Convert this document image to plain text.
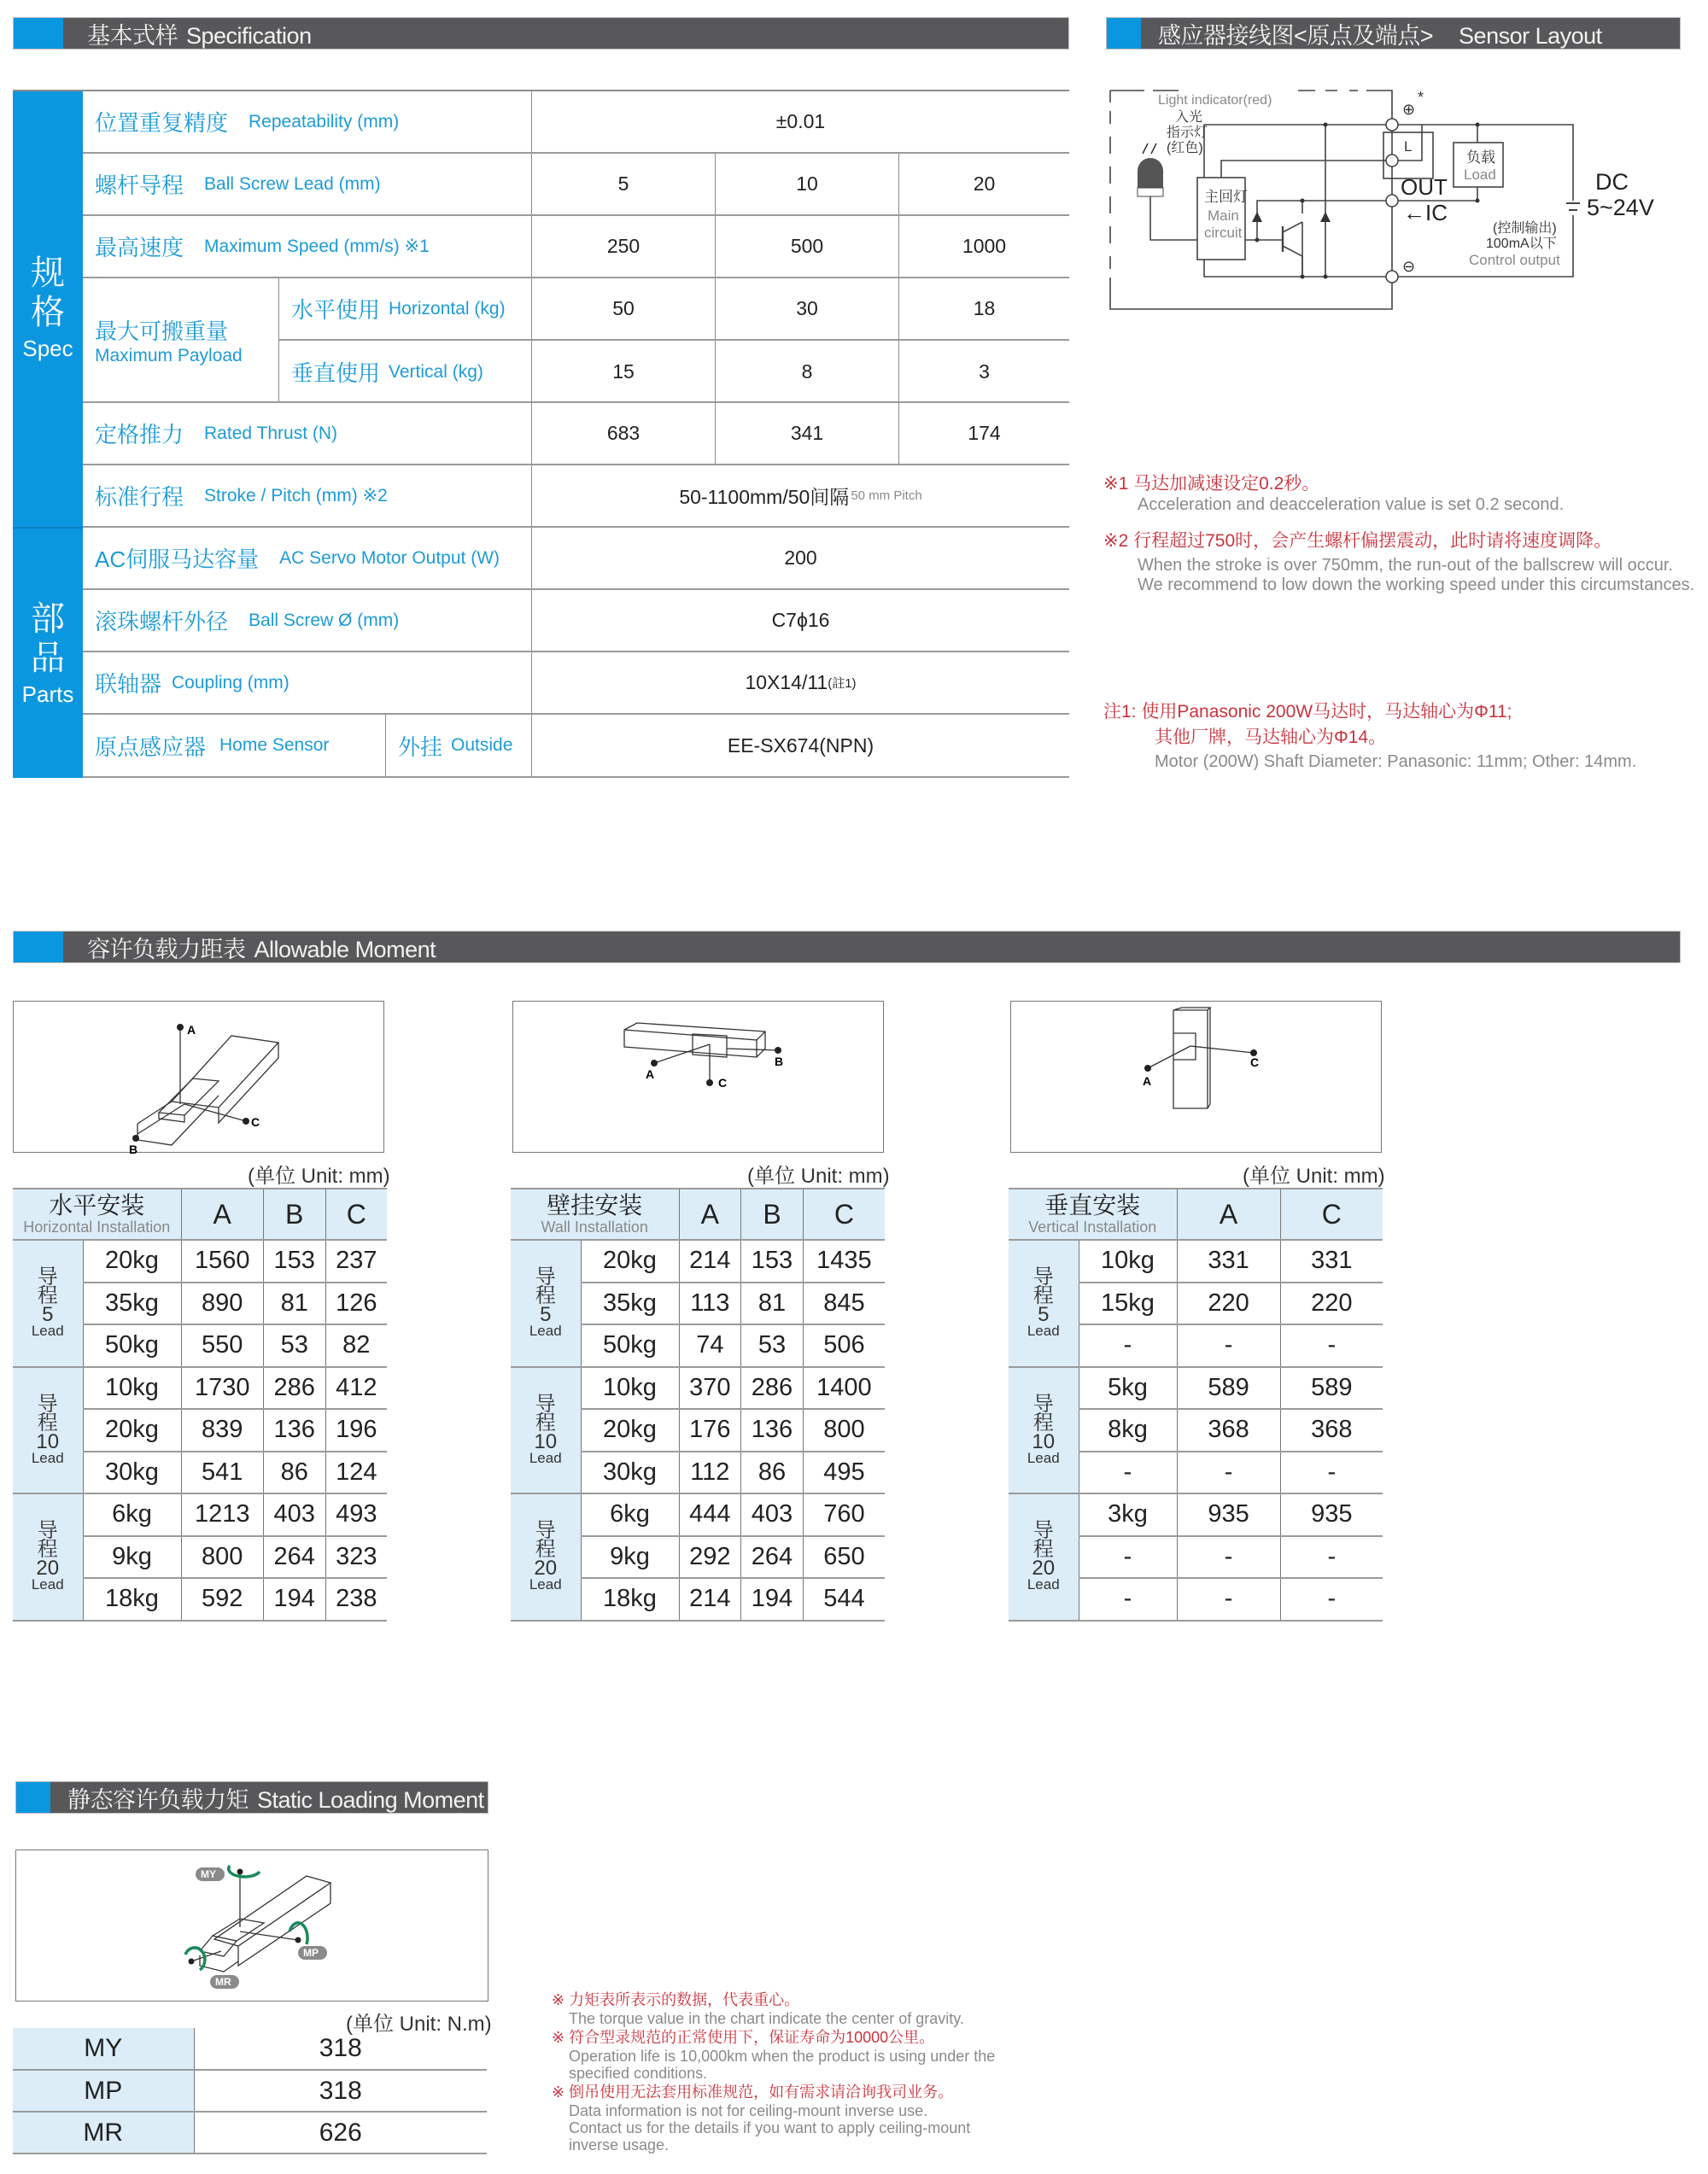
基本式样 Specification	感应器接线图<原点及端点> Sensor Layout
规
格
Spec
部
品
Parts
位置重复精度 Repeatability (mm)	±0.01
螺杆导程 Ball Screw Lead (mm)	5	10	20
最高速度 Maximum Speed (mm/s) ※1	250	500	1000
最大可搬重量
Maximum Payload
水平使用 Horizontal (kg)	50	30	18
垂直使用 Vertical (kg)	15	8	3
定格推力 Rated Thrust (N)	683	341	174
标准行程 Stroke / Pitch (mm) ※2	50-1100mm/50间隔 50 mm Pitch
AC伺服马达容量 AC Servo Motor Output (W)	200
滚珠螺杆外径 Ball Screw Ø (mm)	C7ϕ16
联轴器 Coupling (mm)	10X14/11 (註1)
原点感应器 Home Sensor	外挂 Outside	EE-SX674(NPN)
Light indicator(red)
入光
指示灯
(红色)
主回灯
Main
circuit
⊕
*
L
⊖
负载
Load
OUT
←IC
(控制输出)
100mA以下
Control output
DC
5~24V
※1 马达加减速设定0.2秒。
Acceleration and deacceleration value is set 0.2 second.
※2 行程超过750时，会产生螺杆偏摆震动，此时请将速度调降。
When the stroke is over 750mm, the run-out of the ballscrew will occur.
We recommend to low down the working speed under this circumstances.
注1: 使用Panasonic 200W马达时，马达轴心为Φ11;
其他厂牌，马达轴心为Φ14。
Motor (200W) Shaft Diameter: Panasonic: 11mm; Other: 14mm.
容许负载力距表 Allowable Moment
A
C
B
A
C
B
A
C
(单位 Unit: mm)	(单位 Unit: mm)	(单位 Unit: mm)
水平安装
Horizontal Installation		A	B	C

导
程
5
Lead	20kg	1560	153	237
	35kg	890	81	126
	50kg	550	53	82

导
程
10
Lead	10kg	1730	286	412
	20kg	839	136	196
	30kg	541	86	124

导
程
20
Lead	6kg	1213	403	493
	9kg	800	264	323
	18kg	592	194	238
壁挂安装
Wall Installation		A	B	C

导
程
5
Lead	20kg	214	153	1435
	35kg	113	81	845
	50kg	74	53	506

导
程
10
Lead	10kg	370	286	1400
	20kg	176	136	800
	30kg	112	86	495

导
程
20
Lead	6kg	444	403	760
	9kg	292	264	650
	18kg	214	194	544
垂直安装
Vertical Installation		A	C

导
程
5
Lead	10kg	331	331
	15kg	220	220
	-	-	-

导
程
10
Lead	5kg	589	589
	8kg	368	368
	-	-	-

导
程
20
Lead	3kg	935	935
	-	-	-
	-	-	-
静态容许负载力矩 Static Loading Moment
MY
MP
MR
(单位 Unit: N.m)
MY	318
MP	318
MR	626
※ 力矩表所表示的数据，代表重心。
The torque value in the chart indicate the center of gravity.
※ 符合型录规范的正常使用下，保证寿命为10000公里。
Operation life is 10,000km when the product is using under the
specified conditions.
※ 倒吊使用无法套用标准规范，如有需求请洽询我司业务。
Data information is not for ceiling-mount inverse use.
Contact us for the details if you want to apply ceiling-mount
inverse usage.
